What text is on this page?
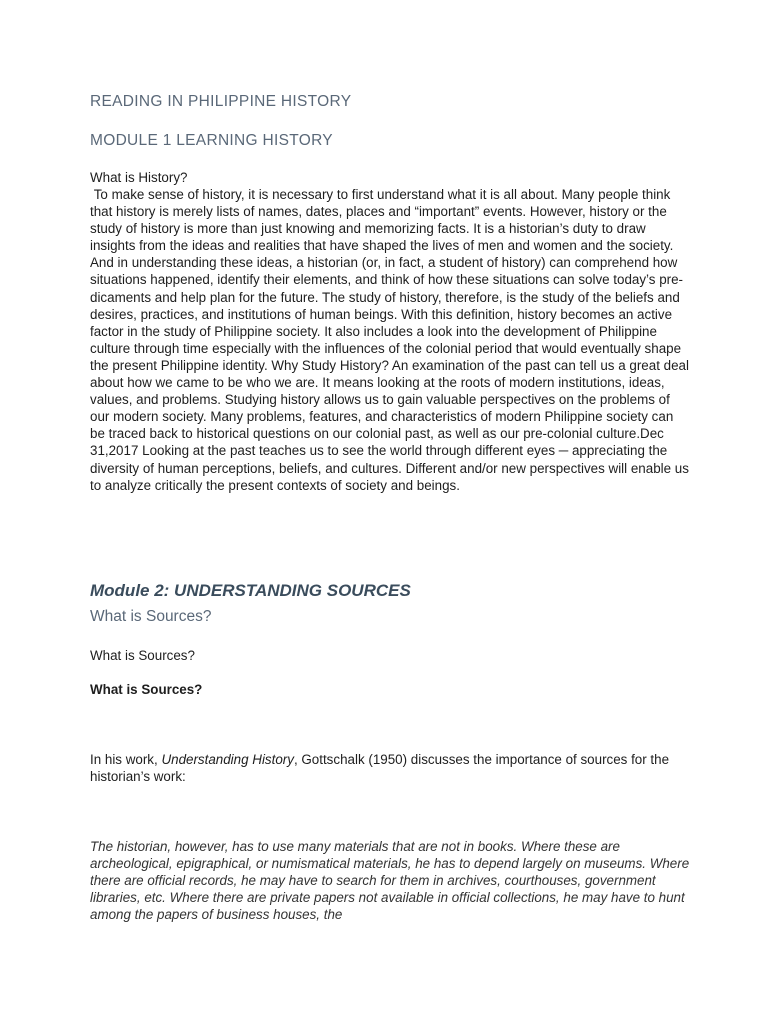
READING IN PHILIPPINE HISTORY
MODULE 1 LEARNING HISTORY
What is History?
To make sense of history, it is necessary to first understand what it is all about. Many people think that history is merely lists of names, dates, places and “important” events. However, history or the study of history is more than just knowing and memorizing facts. It is a historian’s duty to draw insights from the ideas and realities that have shaped the lives of men and women and the society. And in understanding these ideas, a historian (or, in fact, a student of history) can comprehend how situations happened, identify their elements, and think of how these situations can solve today’s pre-dicaments and help plan for the future. The study of history, therefore, is the study of the beliefs and desires, practices, and institutions of human beings. With this definition, history becomes an active factor in the study of Philippine society. It also includes a look into the development of Philippine culture through time especially with the influences of the colonial period that would eventually shape the present Philippine identity. Why Study History? An examination of the past can tell us a great deal about how we came to be who we are. It means looking at the roots of modern institutions, ideas, values, and problems. Studying history allows us to gain valuable perspectives on the problems of our modern society. Many problems, features, and characteristics of modern Philippine society can be traced back to historical questions on our colonial past, as well as our pre-colonial culture.Dec 31,2017 Looking at the past teaches us to see the world through different eyes ─ appreciating the diversity of human perceptions, beliefs, and cultures. Different and/or new perspectives will enable us to analyze critically the present contexts of society and beings.
Module 2: UNDERSTANDING SOURCES
What is Sources?
What is Sources?
What is Sources?
In his work, Understanding History, Gottschalk (1950) discusses the importance of sources for the historian’s work:
The historian, however, has to use many materials that are not in books. Where these are archeological, epigraphical, or numismatical materials, he has to depend largely on museums. Where there are official records, he may have to search for them in archives, courthouses, government libraries, etc. Where there are private papers not available in official collections, he may have to hunt among the papers of business houses, the
